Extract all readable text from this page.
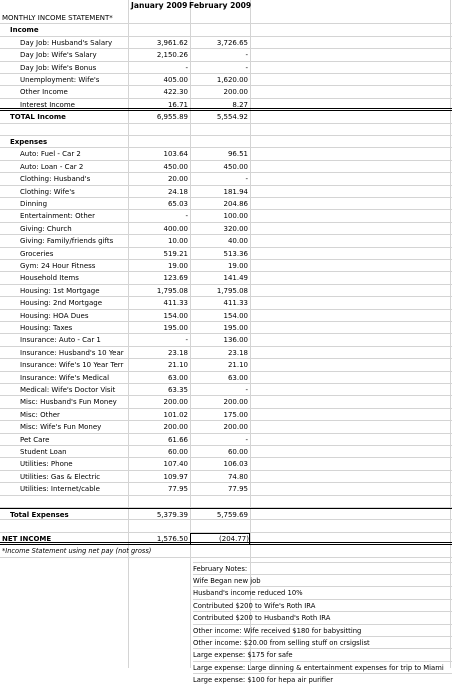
January 2009 February 2009
MONTHLY INCOME STATEMENT*
Income
Day Job: Husband's Salary	3,961.62	3,726.65
Day Job: Wife's Salary	2,150.26	-
Day Job: Wife's Bonus	-	-
Unemployment: Wife's	405.00	1,620.00
Other Income	422.30	200.00
Interest Income	16.71	8.27
TOTAL Income	6,955.89	5,554.92
Expenses
Auto: Fuel - Car 2	103.64	96.51
Auto: Loan - Car 2	450.00	450.00
Clothing: Husband's	20.00	-
Clothing: Wife's	24.18	181.94
Dinning	65.03	204.86
Entertainment: Other	-	100.00
Giving: Church	400.00	320.00
Giving: Family/friends gifts	10.00	40.00
Groceries	519.21	513.36
Gym: 24 Hour Fitness	19.00	19.00
Household Items	123.69	141.49
Housing: 1st Mortgage	1,795.08	1,795.08
Housing: 2nd Mortgage	411.33	411.33
Housing: HOA Dues	154.00	154.00
Housing: Taxes	195.00	195.00
Insurance: Auto - Car 1	-	136.00
Insurance: Husband's 10 Year	23.18	23.18
Insurance: Wife's 10 Year Terr	21.10	21.10
Insurance: Wife's Medical	63.00	63.00
Medical: Wife's Doctor Visit	63.35	-
Misc: Husband's Fun Money	200.00	200.00
Misc: Other	101.02	175.00
Misc: Wife's Fun Money	200.00	200.00
Pet Care	61.66	-
Student Loan	60.00	60.00
Utilities: Phone	107.40	106.03
Utilities: Gas & Electric	109.97	74.80
Utilities: Internet/cable	77.95	77.95
Total Expenses	5,379.39	5,759.69
NET INCOME	1,576.50	(204.77)
*Income Statement using net pay (not gross)
February Notes:
Wife Began new job
Husband's income reduced 10%
Contributed $200 to Wife's Roth IRA
Contributed $200 to Husband's Roth IRA
Other income: Wife received $180 for babysitting
Other income: $20.00 from selling stuff on crsigslist
Large expense: $175 for safe
Large expense: Large dinning & entertainment expenses for trip to Miami
Large expense: $100 for hepa air purifier
